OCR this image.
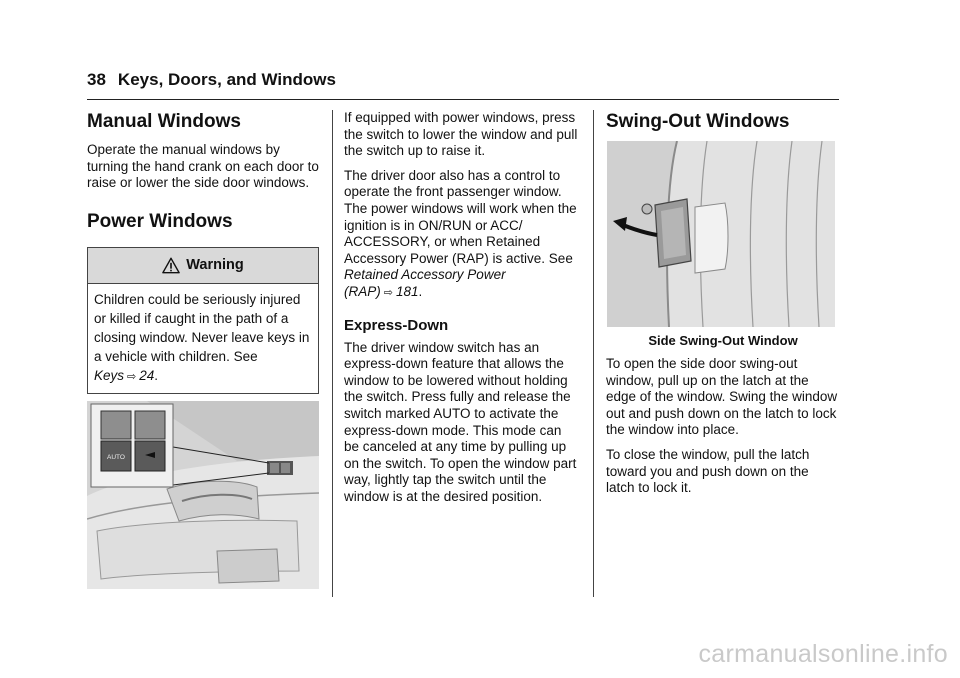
38 Keys, Doors, and Windows
Manual Windows

Operate the manual windows by turning the hand crank on each door to raise or lower the side door windows.

Power Windows
Warning
Children could be seriously injured or killed if caught in the path of a closing window. Never leave keys in a vehicle with children. See Keys ⇨ 24.
AUTO

If equipped with power windows, press the switch to lower the window and pull the switch up to raise it.

The driver door also has a control to operate the front passenger window. The power windows will work when the ignition is in ON/RUN or ACC/ ACCESSORY, or when Retained Accessory Power (RAP) is active. See Retained Accessory Power (RAP) ⇨ 181.

Express-Down

The driver window switch has an express-down feature that allows the window to be lowered without holding the switch. Press fully and release the switch marked AUTO to activate the express-down mode. This mode can be canceled at any time by pulling up on the switch. To open the window part way, lightly tap the switch until the window is at the desired position.

Swing-Out Windows
Side Swing-Out Window

To open the side door swing-out window, pull up on the latch at the edge of the window. Swing the window out and push down on the latch to lock the window into place.

To close the window, pull the latch toward you and push down on the latch to lock it.

carmanualsonline.info
